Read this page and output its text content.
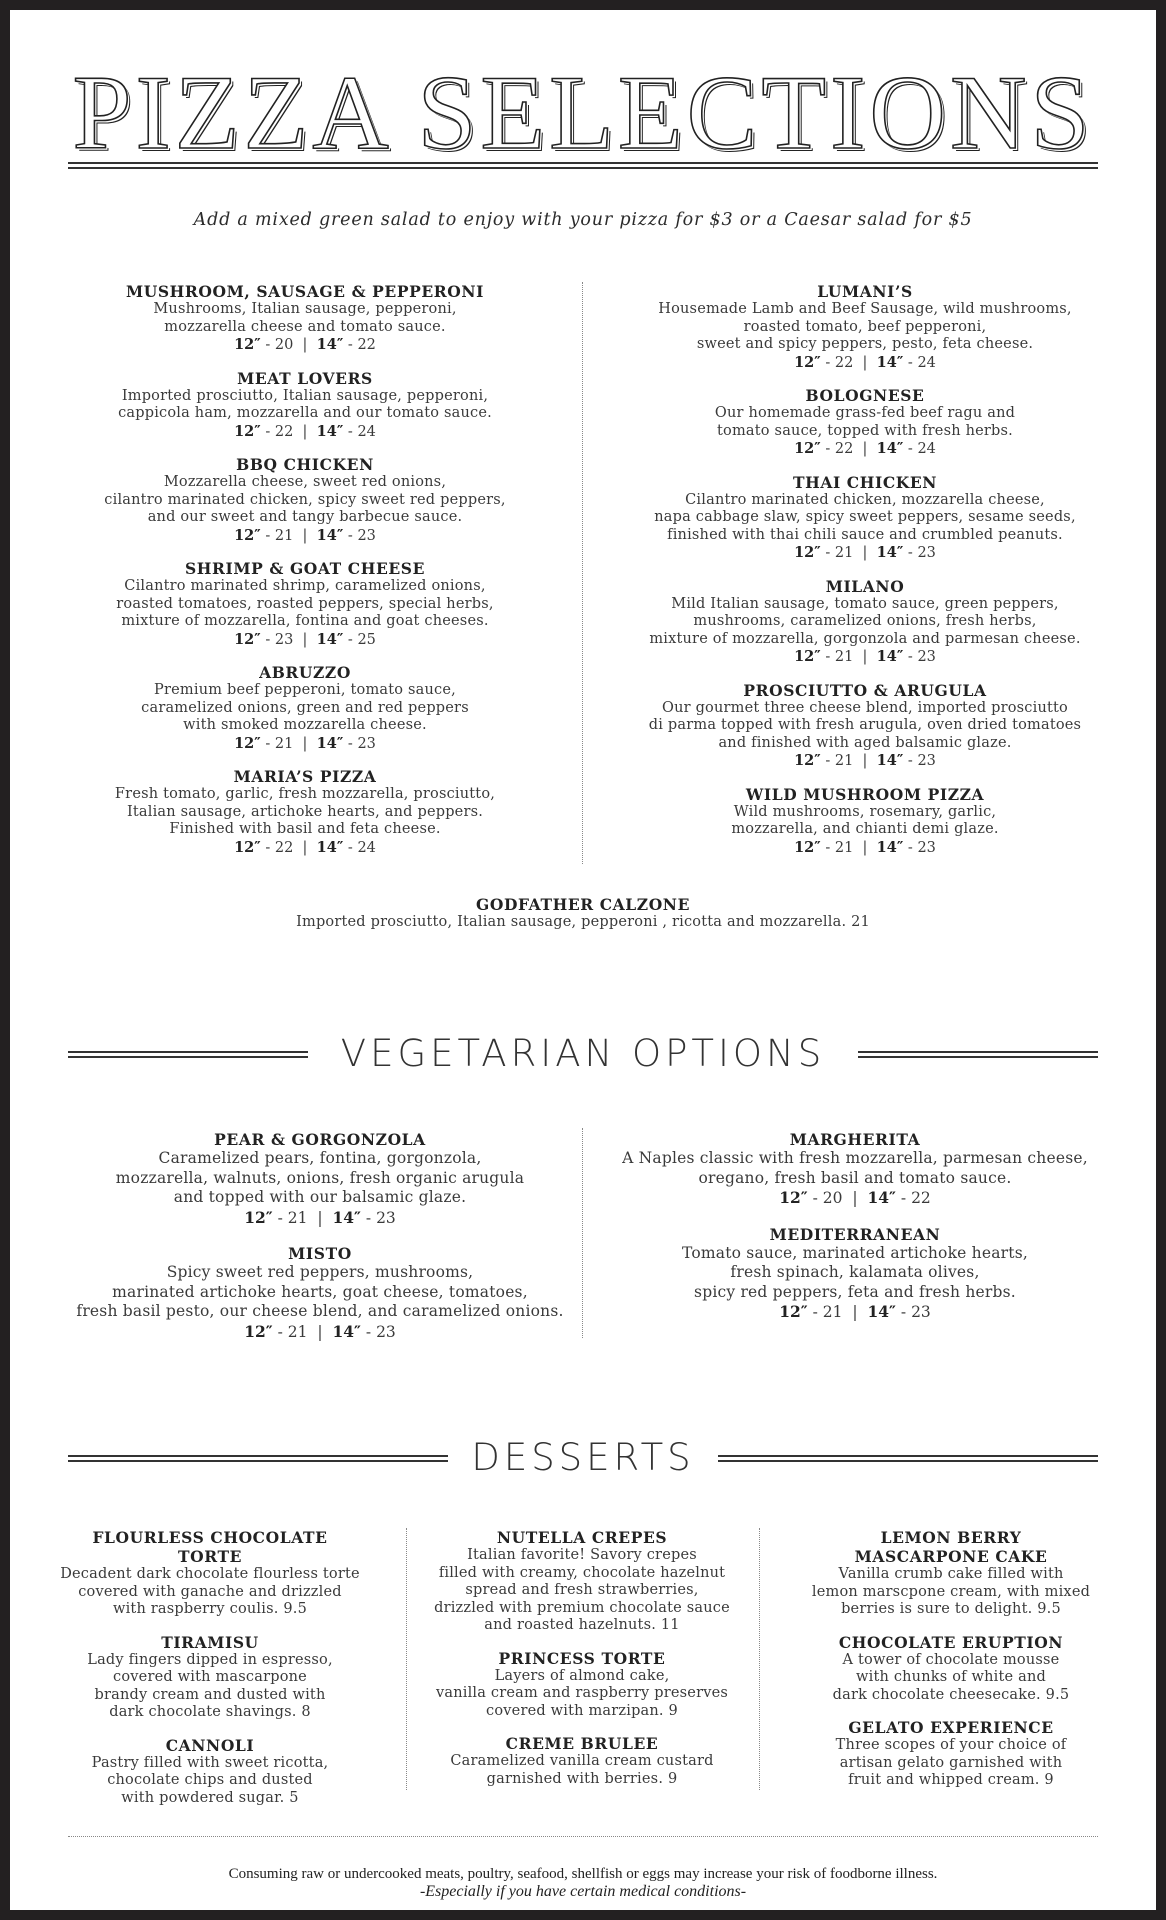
PIZZA SELECTIONS
Add a mixed green salad to enjoy with your pizza for $3 or a Caesar salad for $5
MUSHROOM, SAUSAGE & PEPPERONI
Mushrooms, Italian sausage, pepperoni,
mozzarella cheese and tomato sauce.
12″ - 20  |  14″ - 22
MEAT LOVERS
Imported prosciutto, Italian sausage, pepperoni,
cappicola ham, mozzarella and our tomato sauce.
12″ - 22  |  14″ - 24
BBQ CHICKEN
Mozzarella cheese, sweet red onions,
cilantro marinated chicken, spicy sweet red peppers,
and our sweet and tangy barbecue sauce.
12″ - 21  |  14″ - 23
SHRIMP & GOAT CHEESE
Cilantro marinated shrimp, caramelized onions,
roasted tomatoes, roasted peppers, special herbs,
mixture of mozzarella, fontina and goat cheeses.
12″ - 23  |  14″ - 25
ABRUZZO
Premium beef pepperoni, tomato sauce,
caramelized onions, green and red peppers
with smoked mozzarella cheese.
12″ - 21  |  14″ - 23
MARIA’S PIZZA
Fresh tomato, garlic, fresh mozzarella, prosciutto,
Italian sausage, artichoke hearts, and peppers.
Finished with basil and feta cheese.
12″ - 22  |  14″ - 24
LUMANI’S
Housemade Lamb and Beef Sausage, wild mushrooms,
roasted tomato, beef pepperoni,
sweet and spicy peppers, pesto, feta cheese.
12″ - 22  |  14″ - 24
BOLOGNESE
Our homemade grass-fed beef ragu and
tomato sauce, topped with fresh herbs.
12″ - 22  |  14″ - 24
THAI CHICKEN
Cilantro marinated chicken, mozzarella cheese,
napa cabbage slaw, spicy sweet peppers, sesame seeds,
finished with thai chili sauce and crumbled peanuts.
12″ - 21  |  14″ - 23
MILANO
Mild Italian sausage, tomato sauce, green peppers,
mushrooms, caramelized onions, fresh herbs,
mixture of mozzarella, gorgonzola and parmesan cheese.
12″ - 21  |  14″ - 23
PROSCIUTTO & ARUGULA
Our gourmet three cheese blend, imported prosciutto
di parma topped with fresh arugula, oven dried tomatoes
and finished with aged balsamic glaze.
12″ - 21  |  14″ - 23
WILD MUSHROOM PIZZA
Wild mushrooms, rosemary, garlic,
mozzarella, and chianti demi glaze.
12″ - 21  |  14″ - 23
GODFATHER CALZONE
Imported prosciutto, Italian sausage, pepperoni , ricotta and mozzarella. 21
VEGETARIAN OPTIONS
PEAR & GORGONZOLA
Caramelized pears, fontina, gorgonzola,
mozzarella, walnuts, onions, fresh organic arugula
and topped with our balsamic glaze.
12″ - 21  |  14″ - 23
MISTO
Spicy sweet red peppers, mushrooms,
marinated artichoke hearts, goat cheese, tomatoes,
fresh basil pesto, our cheese blend, and caramelized onions.
12″ - 21  |  14″ - 23
MARGHERITA
A Naples classic with fresh mozzarella, parmesan cheese,
oregano, fresh basil and tomato sauce.
12″ - 20  |  14″ - 22
MEDITERRANEAN
Tomato sauce, marinated artichoke hearts,
fresh spinach, kalamata olives,
spicy red peppers, feta and fresh herbs.
12″ - 21  |  14″ - 23
DESSERTS
FLOURLESS CHOCOLATE TORTE
Decadent dark chocolate flourless torte
covered with ganache and drizzled
with raspberry coulis. 9.5
TIRAMISU
Lady fingers dipped in espresso,
covered with mascarpone
brandy cream and dusted with
dark chocolate shavings. 8
CANNOLI
Pastry filled with sweet ricotta,
chocolate chips and dusted
with powdered sugar. 5
NUTELLA CREPES
Italian favorite! Savory crepes
filled with creamy, chocolate hazelnut
spread and fresh strawberries,
drizzled with premium chocolate sauce
and roasted hazelnuts. 11
PRINCESS TORTE
Layers of almond cake,
vanilla cream and raspberry preserves
covered with marzipan. 9
CREME BRULEE
Caramelized vanilla cream custard
garnished with berries. 9
LEMON BERRY
MASCARPONE CAKE
Vanilla crumb cake filled with
lemon marscpone cream, with mixed
berries is sure to delight. 9.5
CHOCOLATE ERUPTION
A tower of chocolate mousse
with chunks of white and
dark chocolate cheesecake. 9.5
GELATO EXPERIENCE
Three scopes of your choice of
artisan gelato garnished with
fruit and whipped cream. 9
Consuming raw or undercooked meats, poultry, seafood, shellfish or eggs may increase your risk of foodborne illness.
-Especially if you have certain medical conditions-
